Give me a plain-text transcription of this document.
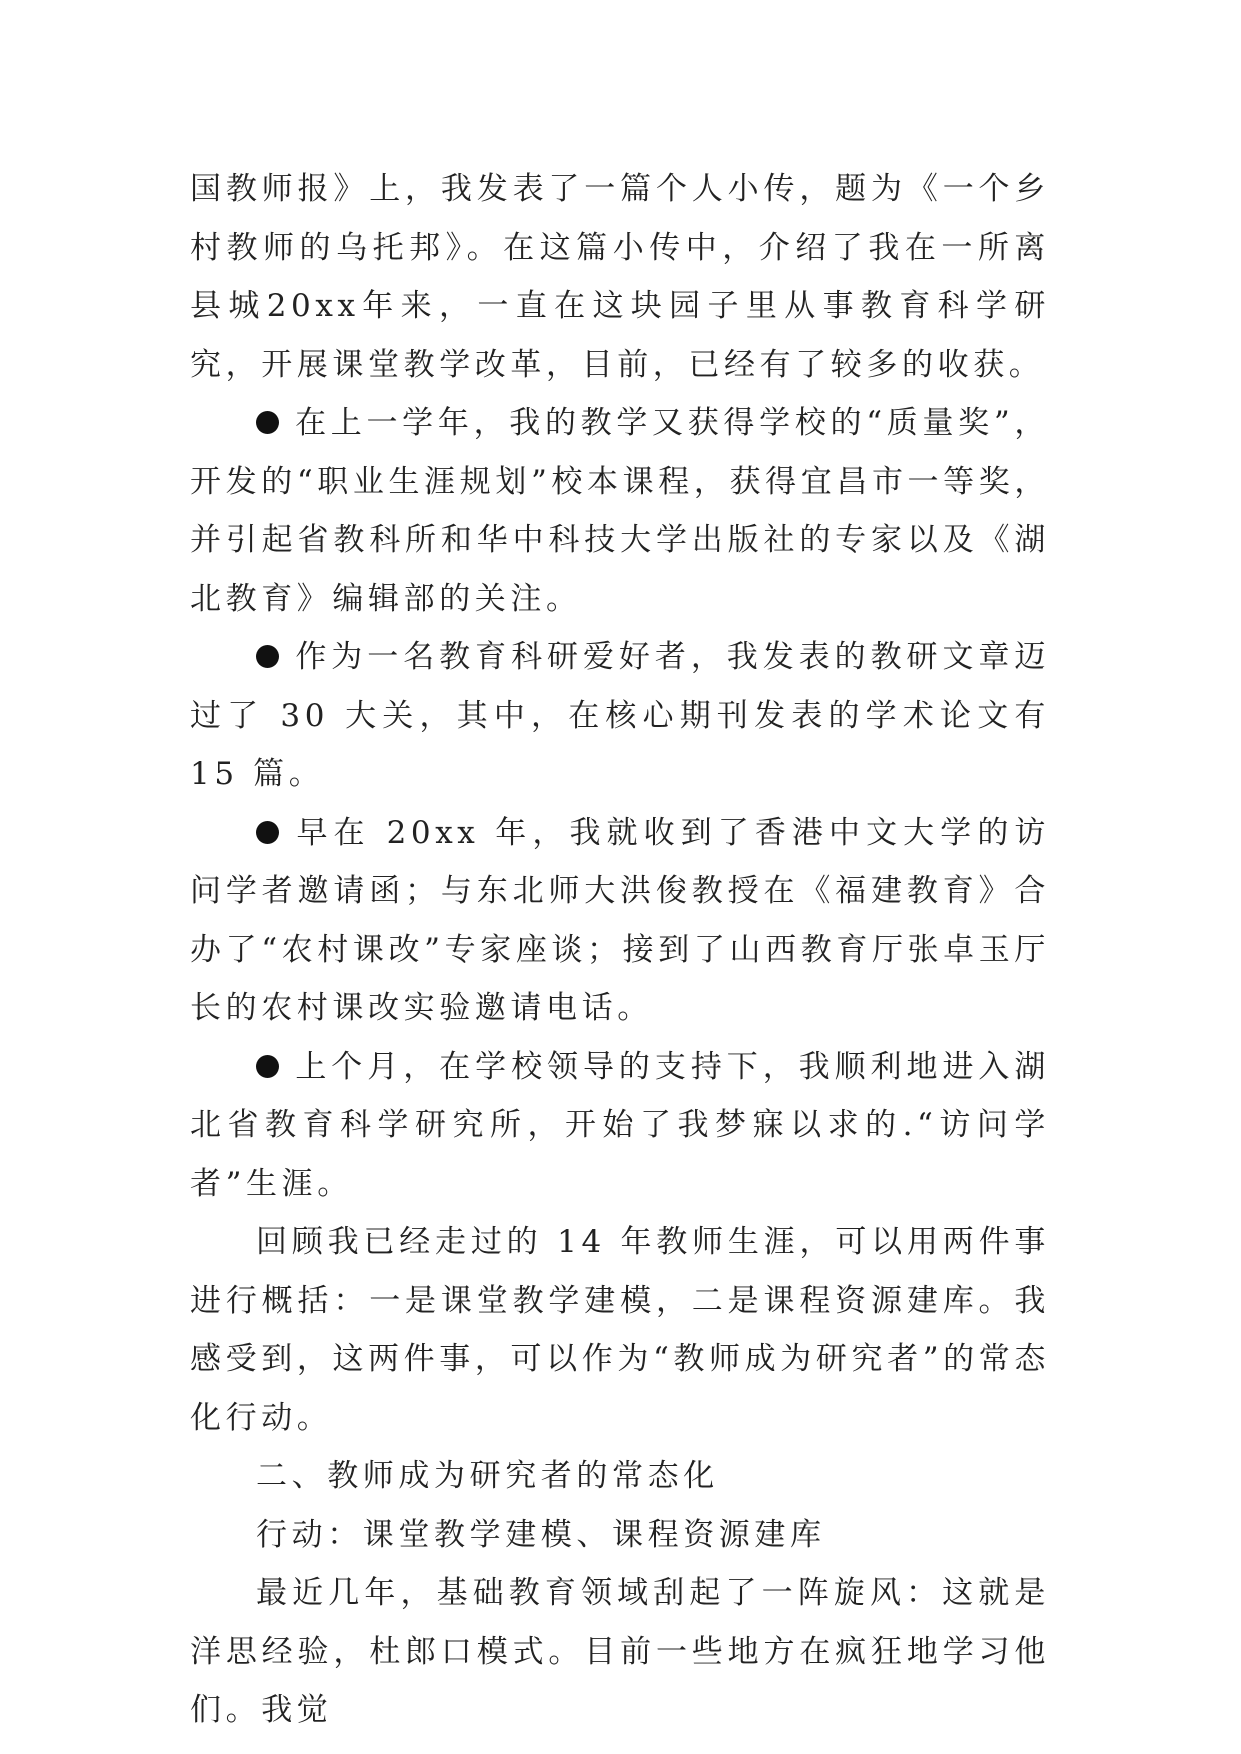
国教师报》上，我发表了一篇个人小传，题为《一个乡村教师的乌托邦》。在这篇小传中，介绍了我在一所离县城20xx年来，一直在这块园子里从事教育科学研究，开展课堂教学改革，目前，已经有了较多的收获。

在上一学年，我的教学又获得学校的“质量奖”，开发的“职业生涯规划”校本课程，获得宜昌市一等奖，并引起省教科所和华中科技大学出版社的专家以及《湖北教育》编辑部的关注。

作为一名教育科研爱好者，我发表的教研文章迈过了 30 大关，其中，在核心期刊发表的学术论文有 15 篇。

早在 20xx 年，我就收到了香港中文大学的访问学者邀请函；与东北师大洪俊教授在《福建教育》合办了“农村课改”专家座谈；接到了山西教育厅张卓玉厅长的农村课改实验邀请电话。

上个月，在学校领导的支持下，我顺利地进入湖北省教育科学研究所，开始了我梦寐以求的.“访问学者”生涯。

回顾我已经走过的 14 年教师生涯，可以用两件事进行概括：一是课堂教学建模，二是课程资源建库。我感受到，这两件事，可以作为“教师成为研究者”的常态化行动。

二、教师成为研究者的常态化

行动：课堂教学建模、课程资源建库

最近几年，基础教育领域刮起了一阵旋风：这就是洋思经验，杜郎口模式。目前一些地方在疯狂地学习他们。我觉
